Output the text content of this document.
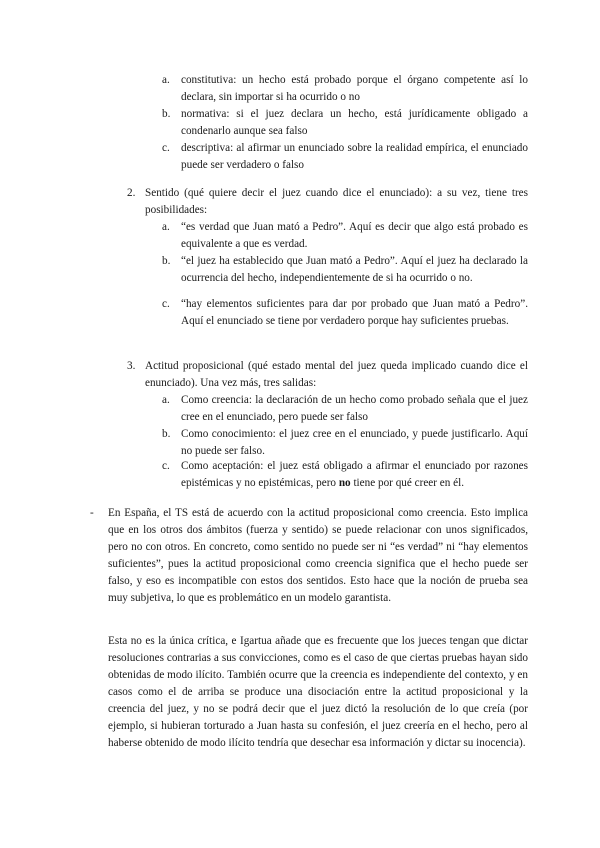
a. constitutiva: un hecho está probado porque el órgano competente así lo declara, sin importar si ha ocurrido o no

b. normativa: si el juez declara un hecho, está jurídicamente obligado a condenarlo aunque sea falso

c. descriptiva: al afirmar un enunciado sobre la realidad empírica, el enunciado puede ser verdadero o falso

2. Sentido (qué quiere decir el juez cuando dice el enunciado): a su vez, tiene tres posibilidades:

a. “es verdad que Juan mató a Pedro”. Aquí es decir que algo está probado es equivalente a que es verdad.

b. “el juez ha establecido que Juan mató a Pedro”. Aquí el juez ha declarado la ocurrencia del hecho, independientemente de si ha ocurrido o no.

c. “hay elementos suficientes para dar por probado que Juan mató a Pedro”. Aquí el enunciado se tiene por verdadero porque hay suficientes pruebas.

3. Actitud proposicional (qué estado mental del juez queda implicado cuando dice el enunciado). Una vez más, tres salidas:

a. Como creencia: la declaración de un hecho como probado señala que el juez cree en el enunciado, pero puede ser falso

b. Como conocimiento: el juez cree en el enunciado, y puede justificarlo. Aquí no puede ser falso.

c. Como aceptación: el juez está obligado a afirmar el enunciado por razones epistémicas y no epistémicas, pero no tiene por qué creer en él.

- En España, el TS está de acuerdo con la actitud proposicional como creencia. Esto implica que en los otros dos ámbitos (fuerza y sentido) se puede relacionar con unos significados, pero no con otros. En concreto, como sentido no puede ser ni “es verdad” ni “hay elementos suficientes”, pues la actitud proposicional como creencia significa que el hecho puede ser falso, y eso es incompatible con estos dos sentidos. Esto hace que la noción de prueba sea muy subjetiva, lo que es problemático en un modelo garantista.

Esta no es la única crítica, e Igartua añade que es frecuente que los jueces tengan que dictar resoluciones contrarias a sus convicciones, como es el caso de que ciertas pruebas hayan sido obtenidas de modo ilícito. También ocurre que la creencia es independiente del contexto, y en casos como el de arriba se produce una disociación entre la actitud proposicional y la creencia del juez, y no se podrá decir que el juez dictó la resolución de lo que creía (por ejemplo, si hubieran torturado a Juan hasta su confesión, el juez creería en el hecho, pero al haberse obtenido de modo ilícito tendría que desechar esa información y dictar su inocencia).
